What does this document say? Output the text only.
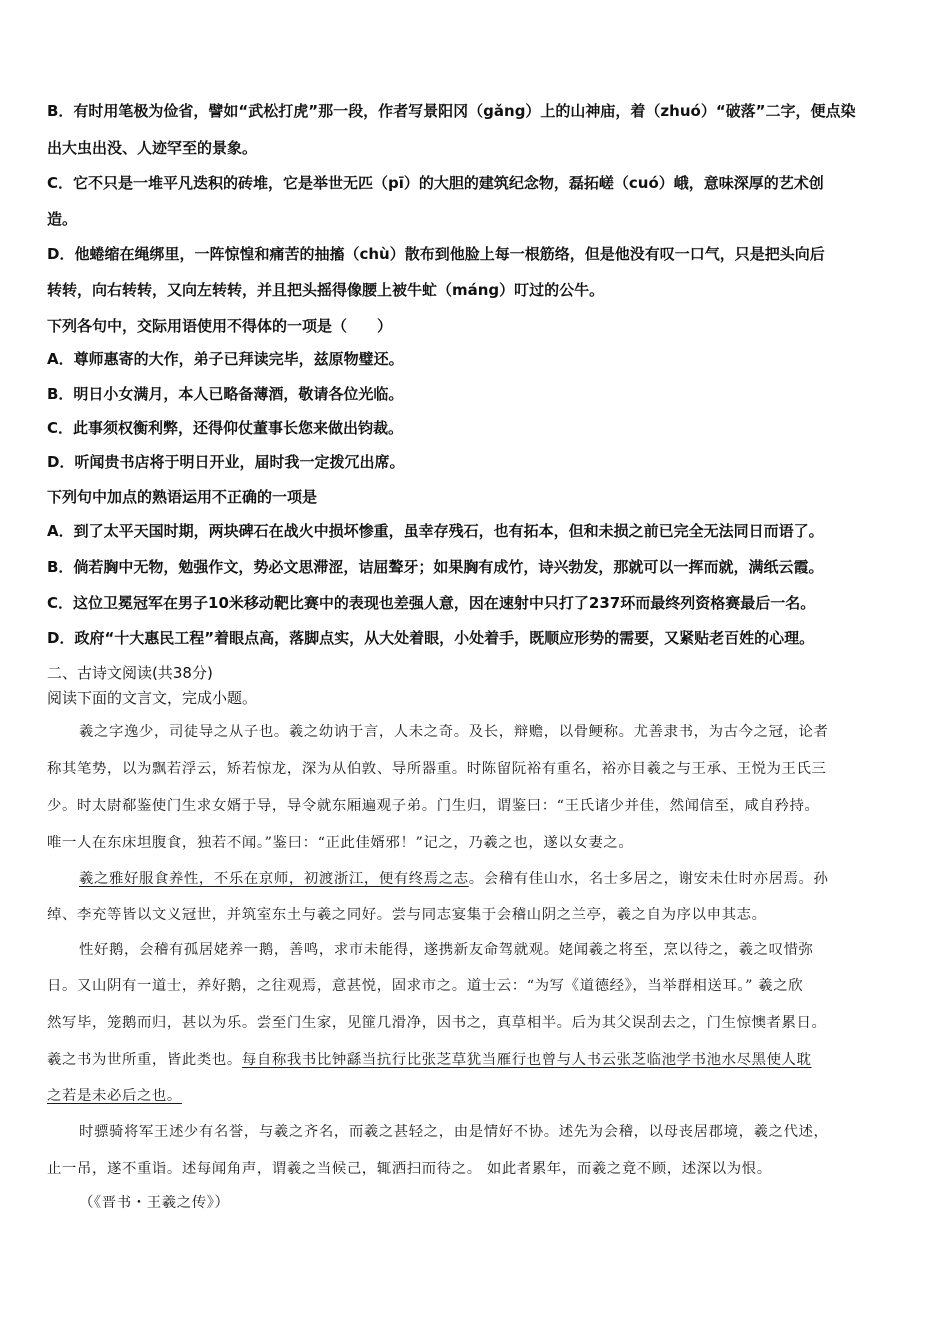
B．有时用笔极为俭省，譬如“武松打虎”那一段，作者写景阳冈（gǎng）上的山神庙，着（zhuó）“破落”二字，便点染
出大虫出没、人迹罕至的景象。
C．它不只是一堆平凡迭积的砖堆，它是举世无匹（pī）的大胆的建筑纪念物，磊拓嵯（cuó）峨，意味深厚的艺术创
造。
D．他蜷缩在绳绑里，一阵惊惶和痛苦的抽搐（chù）散布到他脸上每一根筋络，但是他没有叹一口气，只是把头向后
转转，向右转转，又向左转转，并且把头摇得像腰上被牛虻（máng）叮过的公牛。
下列各句中，交际用语使用不得体的一项是（　　）
A．尊师惠寄的大作，弟子已拜读完毕，兹原物璧还。
B．明日小女满月，本人已略备薄酒，敬请各位光临。
C．此事须权衡利弊，还得仰仗董事长您来做出钧裁。
D．听闻贵书店将于明日开业，届时我一定拨冗出席。
下列句中加点的熟语运用不正确的一项是
A．到了太平天国时期，两块碑石在战火中损坏惨重，虽幸存残石，也有拓本，但和未损之前已完全无法同日而语了。
B．倘若胸中无物，勉强作文，势必文思滞涩，诘屈聱牙；如果胸有成竹，诗兴勃发，那就可以一挥而就，满纸云霞。
C．这位卫冕冠军在男子10米移动靶比赛中的表现也差强人意，因在速射中只打了237环而最终列资格赛最后一名。
D．政府“十大惠民工程”着眼点高，落脚点实，从大处着眼，小处着手，既顺应形势的需要，又紧贴老百姓的心理。
二、古诗文阅读(共38分)
阅读下面的文言文，完成小题。
羲之字逸少，司徒导之从子也。羲之幼讷于言，人未之奇。及长，辩赡，以骨鲠称。尤善隶书，为古今之冠，论者
称其笔势，以为飘若浮云，矫若惊龙，深为从伯敦、导所器重。时陈留阮裕有重名，裕亦目羲之与王承、王悦为王氏三
少。时太尉郗鉴使门生求女婿于导，导令就东厢遍观子弟。门生归，谓鉴曰：“王氏诸少并佳，然闻信至，咸自矜持。
唯一人在东床坦腹食，独若不闻。”鉴曰：“正此佳婿邪！”记之，乃羲之也，遂以女妻之。
羲之雅好服食养性，不乐在京师，初渡浙江，便有终焉之志。会稽有佳山水，名士多居之，谢安未仕时亦居焉。孙
绰、李充等皆以文义冠世，并筑室东土与羲之同好。尝与同志宴集于会稽山阴之兰亭，羲之自为序以申其志。
性好鹅，会稽有孤居姥养一鹅，善鸣，求市未能得，遂携新友命驾就观。姥闻羲之将至，烹以待之，羲之叹惜弥
日。又山阴有一道士，养好鹅，之往观焉，意甚悦，固求市之。道士云：“为写《道德经》，当举群相送耳。” 羲之欣
然写毕，笼鹅而归，甚以为乐。尝至门生家，见篚几滑净，因书之，真草相半。后为其父误刮去之，门生惊懊者累日。
羲之书为世所重，皆此类也。每自称我书比钟繇当抗行比张芝草犹当雁行也曾与人书云张芝临池学书池水尽黑使人耽
之若是未必后之也。
时骠骑将军王述少有名誉，与羲之齐名，而羲之甚轻之，由是情好不协。述先为会稽，以母丧居郡境，羲之代述，
止一吊，遂不重诣。述每闻角声，谓羲之当候己，辄洒扫而待之。 如此者累年，而羲之竟不顾，述深以为恨。
（《晋书・王羲之传》）
